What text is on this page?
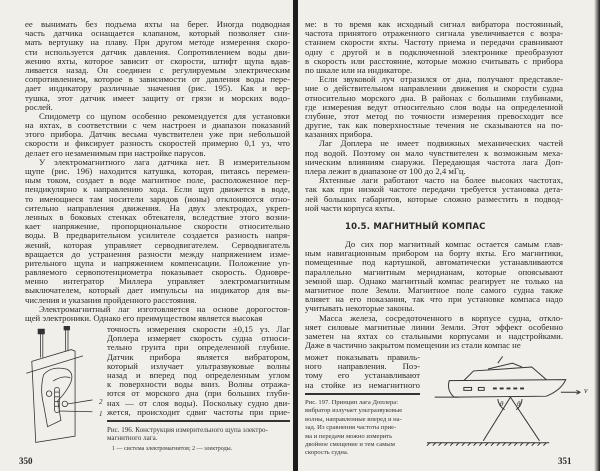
ее вынимать без подъема яхты на берег. Иногда подводная
часть датчика оснащается клапаном, который позволяет сни-
мать вертушку на плаву. При другом методе измерения скоро-
сти используется датчик давления. Сопротивлением воды дви-
жению яхты, которое зависит от скорости, штифт щупа вдав-
ливается назад. Он соединен с регулируемым электрическим
сопротивлением, которое в зависимости от давления воды пере-
дает индикатору различные значения (рис. 195). Как и вер-
тушка, этот датчик имеет защиту от грязи и морских водо-
рослей.
Спидометр со щупом особенно рекомендуется для установки
на яхтах, в соответствии с чем настроен и диапазон показаний
этого прибора. Датчик весьма чувствителен уже при небольшой
скорости и фиксирует разность скоростей примерно 0,1 уз, что
делает его незаменимым при настройке парусов.
У электромагнитного лага датчика нет. В измерительном
щупе (рис. 196) находится катушка, которая, питаясь перемен-
ным током, создает в воде магнитное поле, расположенное пер-
пендикулярно к направлению хода. Если щуп движется в воде,
то имеющиеся там носители зарядов (ионы) отклоняются отно-
сительно направления движения. На двух электродах, укреп-
ленных в боковых стенках обтекателя, вследствие этого возни-
кает напряжение, пропорциональное скорости относительно
воды. В предварительном усилителе создается разность напря-
жений, которая управляет серводвигателем. Серводвигатель
вращается до устранения разности между напряжением изме-
рительного щупа и напряжением компенсации. Положение уп-
равляемого сервопотенциометра показывает скорость. Одновре-
менно интегратор Миллера управляет электромагнитным
выключателем, который дает импульсы на индикатор для вы-
числения и указания пройденного расстояния.
Электромагнитный лаг изготовляется на основе дорогостоя-
щей электроники. Однако его преимуществом является высокая
точность измерения скорости ±0,15 уз. Лаг
Доплера измеряет скорость судна относи-
тельно грунта при определенной глубине.
Датчик прибора является вибратором,
который излучает ультразвуковые волны
назад и вперед под определенным углом
к поверхности воды вниз. Волны отража-
ются от морского дна (при больших глуби-
нах — от слоя воды). Поскольку судно дви-
жется, происходит сдвиг частоты при прие-
2
1
Рис. 196. Конструкция измерительного щупа электро-
магнитного лага.
1 — система электромагнитов; 2 — электроды.
350
ме: в то время как исходный сигнал вибратора постоянный,
частота принятого отраженного сигнала увеличивается с возра-
станием скорости яхты. Частоту приема и передачи сравнивают
одну с другой и в подключенной электронике преобразуют
в скорость или расстояние, которые можно считывать с прибора
по шкале или на индикаторе.
Если звуковой луч отразился от дна, получают представле-
ние о действительном направлении движения и скорости судна
относительно морского дна. В районах с большими глубинами,
где измерения ведут относительно слоя воды на определенной
глубине, этот метод по точности измерения превосходит все
другие, так как поверхностные течения не сказываются на по-
казаниях прибора.
Лаг Доплера не имеет подвижных механических частей
под водой. Поэтому он мало чувствителен к возможным меха-
ническим влияниям снаружи. Передающая частота лага Доп-
плера лежит в диапазоне от 100 до 2,4 мГц.
Яхтенные лаги работают часто на более высоких частотах,
так как при низкой частоте передачи требуется установка дета-
лей больших габаритов, которые сложно разместить в подвод-
ной части корпуса яхты.
10.5. МАГНИТНЫЙ КОМПАС
До сих пор магнитный компас остается самым глав-
ным навигационным прибором на борту яхты. Его магнитики,
помещенные под картушкой, автоматически устанавливаются
параллельно магнитным меридианам, которые опоясывают
земной шар. Однако магнитный компас реагирует не только на
магнитное поле Земли. Магнитное поле самого судна также
влияет на его показания, так что при установке компаса надо
учитывать некоторые законы.
Масса железа, сосредоточенного в корпусе судна, откло-
няет силовые магнитные линии Земли. Этот эффект особенно
заметен на яхтах со стальными корпусами и надстройками.
Даже в частично закрытом помещении из стали компас не
может показывать правиль-
ного направления. Поэ-
тому его устанавливают
на стойке из немагнитного
Рис. 197. Принцип лага Доплера:
вибратор излучает ультразвуковые
волны, направленные вперед и на-
зад. Из сравнения частоты прие-
ма и передачи можно измерить
двойное смещение и тем самым
скорость судна.
θ θ
v
351
